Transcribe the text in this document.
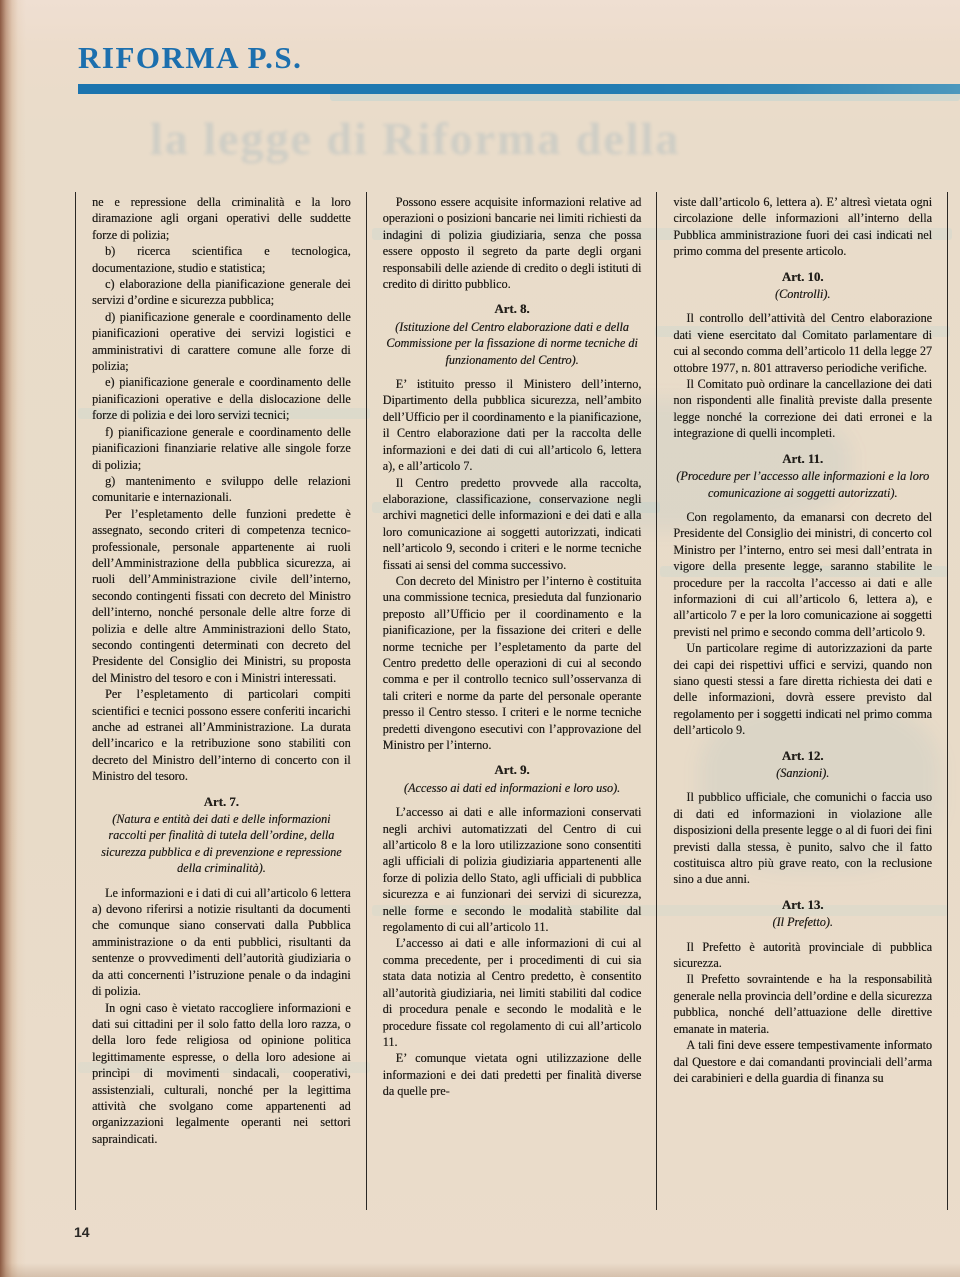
la legge di Riforma della
RIFORMA P.S.

ne e repressione della criminalità e la loro diramazione agli organi operativi delle suddette forze di polizia;

b) ricerca scientifica e tecnologica, documentazione, studio e statistica;

c) elaborazione della pianificazione generale dei servizi d’ordine e sicurezza pubblica;

d) pianificazione generale e coordinamento delle pianificazioni operative dei servizi logistici e amministrativi di carattere comune alle forze di polizia;

e) pianificazione generale e coordinamento delle pianificazioni operative e della dislocazione delle forze di polizia e dei loro servizi tecnici;

f) pianificazione generale e coordinamento delle pianificazioni finanziarie relative alle singole forze di polizia;

g) mantenimento e sviluppo delle relazioni comunitarie e internazionali.

Per l’espletamento delle funzioni predette è assegnato, secondo criteri di competenza tecnico-professionale, personale appartenente ai ruoli dell’Amministrazione della pubblica sicurezza, ai ruoli dell’Amministrazione civile dell’interno, secondo contingenti fissati con decreto del Ministro dell’interno, nonché personale delle altre forze di polizia e delle altre Amministrazioni dello Stato, secondo contingenti determinati con decreto del Presidente del Consiglio dei Ministri, su proposta del Ministro del tesoro e con i Ministri interessati.

Per l’espletamento di particolari compiti scientifici e tecnici possono essere conferiti incarichi anche ad estranei all’Amministrazione. La durata dell’incarico e la retribuzione sono stabiliti con decreto del Ministro dell’interno di concerto con il Ministro del tesoro.

Art. 7.

(Natura e entità dei dati e delle informazioni raccolti per finalità di tutela dell’ordine, della sicurezza pubblica e di prevenzione e repressione della criminalità).

Le informazioni e i dati di cui all’articolo 6 lettera a) devono riferirsi a notizie risultanti da documenti che comunque siano conservati dalla Pubblica amministrazione o da enti pubblici, risultanti da sentenze o provvedimenti dell’autorità giudiziaria o da atti concernenti l’istruzione penale o da indagini di polizia.

In ogni caso è vietato raccogliere informazioni e dati sui cittadini per il solo fatto della loro razza, o della loro fede religiosa od opinione politica legittimamente espresse, o della loro adesione ai princìpi di movimenti sindacali, cooperativi, assistenziali, culturali, nonché per la legittima attività che svolgano come appartenenti ad organizzazioni legalmente operanti nei settori sapraindicati.

Possono essere acquisite informazioni relative ad operazioni o posizioni bancarie nei limiti richiesti da indagini di polizia giudiziaria, senza che possa essere opposto il segreto da parte degli organi responsabili delle aziende di credito o degli istituti di credito di diritto pubblico.

Art. 8.

(Istituzione del Centro elaborazione dati e della Commissione per la fissazione di norme tecniche di funzionamento del Centro).

E’ istituito presso il Ministero dell’interno, Dipartimento della pubblica sicurezza, nell’ambito dell’Ufficio per il coordinamento e la pianificazione, il Centro elaborazione dati per la raccolta delle informazioni e dei dati di cui all’articolo 6, lettera a), e all’articolo 7.

Il Centro predetto provvede alla raccolta, elaborazione, classificazione, conservazione negli archivi magnetici delle informazioni e dei dati e alla loro comunicazione ai soggetti autorizzati, indicati nell’articolo 9, secondo i criteri e le norme tecniche fissati ai sensi del comma successivo.

Con decreto del Ministro per l’interno è costituita una commissione tecnica, presieduta dal funzionario preposto all’Ufficio per il coordinamento e la pianificazione, per la fissazione dei criteri e delle norme tecniche per l’espletamento da parte del Centro predetto delle operazioni di cui al secondo comma e per il controllo tecnico sull’osservanza di tali criteri e norme da parte del personale operante presso il Centro stesso. I criteri e le norme tecniche predetti divengono esecutivi con l’approvazione del Ministro per l’interno.

Art. 9.

(Accesso ai dati ed informazioni e loro uso).

L’accesso ai dati e alle informazioni conservati negli archivi automatizzati del Centro di cui all’articolo 8 e la loro utilizzazione sono consentiti agli ufficiali di polizia giudiziaria appartenenti alle forze di polizia dello Stato, agli ufficiali di pubblica sicurezza e ai funzionari dei servizi di sicurezza, nelle forme e secondo le modalità stabilite dal regolamento di cui all’articolo 11.

L’accesso ai dati e alle informazioni di cui al comma precedente, per i procedimenti di cui sia stata data notizia al Centro predetto, è consentito all’autorità giudiziaria, nei limiti stabiliti dal codice di procedura penale e secondo le modalità e le procedure fissate col regolamento di cui all’articolo 11.

E’ comunque vietata ogni utilizzazione delle informazioni e dei dati predetti per finalità diverse da quelle pre-

viste dall’articolo 6, lettera a). E’ altresì vietata ogni circolazione delle informazioni all’interno della Pubblica amministrazione fuori dei casi indicati nel primo comma del presente articolo.

Art. 10.

(Controlli).

Il controllo dell’attività del Centro elaborazione dati viene esercitato dal Comitato parlamentare di cui al secondo comma dell’articolo 11 della legge 27 ottobre 1977, n. 801 attraverso periodiche verifiche.

Il Comitato può ordinare la cancellazione dei dati non rispondenti alle finalità previste dalla presente legge nonché la correzione dei dati erronei e la integrazione di quelli incompleti.

Art. 11.

(Procedure per l’accesso alle informazioni e la loro comunicazione ai soggetti autorizzati).

Con regolamento, da emanarsi con decreto del Presidente del Consiglio dei ministri, di concerto col Ministro per l’interno, entro sei mesi dall’entrata in vigore della presente legge, saranno stabilite le procedure per la raccolta l’accesso ai dati e alle informazioni di cui all’articolo 6, lettera a), e all’articolo 7 e per la loro comunicazione ai soggetti previsti nel primo e secondo comma dell’articolo 9.

Un particolare regime di autorizzazioni da parte dei capi dei rispettivi uffici e servizi, quando non siano questi stessi a fare diretta richiesta dei dati e delle informazioni, dovrà essere previsto dal regolamento per i soggetti indicati nel primo comma dell’articolo 9.

Art. 12.

(Sanzioni).

Il pubblico ufficiale, che comunichi o faccia uso di dati ed informazioni in violazione alle disposizioni della presente legge o al di fuori dei fini previsti dalla stessa, è punito, salvo che il fatto costituisca altro più grave reato, con la reclusione sino a due anni.

Art. 13.

(Il Prefetto).

Il Prefetto è autorità provinciale di pubblica sicurezza.

Il Prefetto sovraintende e ha la responsabilità generale nella provincia dell’ordine e della sicurezza pubblica, nonché dell’attuazione delle direttive emanate in materia.

A tali fini deve essere tempestivamente informato dal Questore e dai comandanti provinciali dell’arma dei carabinieri e della guardia di finanza su

14
